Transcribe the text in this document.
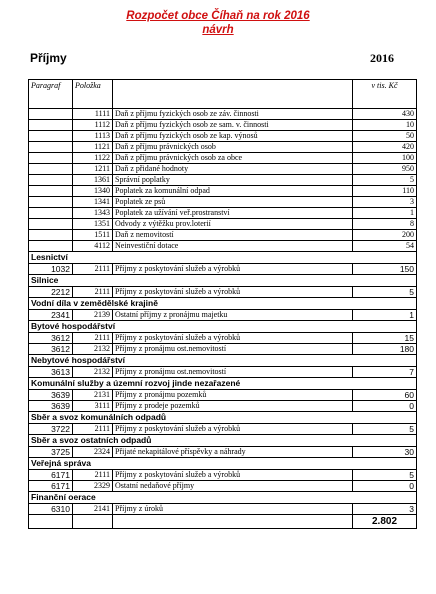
Rozpočet obce Číhaň na rok 2016
návrh
Příjmy	2016
Paragraf	Položka		v tis. Kč
	1111	Daň z příjmu fyzických osob ze záv. činnosti	430
	1112	Daň z příjmu fyzických osob ze sam. v. činnosti	10
	1113	Daň z příjmu fyzických osob ze kap. výnosů	50
	1121	Daň z příjmu právnických osob	420
	1122	Daň z příjmu právnických osob za obce	100
	1211	Daň z přidané hodnoty	950
	1361	Správní poplatky	5
	1340	Poplatek za komunální odpad	110
	1341	Poplatek ze psů	3
	1343	Poplatek za užívání veř.prostranství	1
	1351	Odvody z výtěžku prov.loterií	8
	1511	Daň z nemovitostí	200
	4112	Neinvestiční dotace	54
Lesnictví			
1032	2111	Příjmy z poskytování služeb a výrobků	150
Silnice			
2212	2111	Příjmy z poskytování služeb a výrobků	5
Vodní díla v zemědělské krajině			
2341	2139	Ostatní příjmy z pronájmu majetku	1
Bytové hospodářství			
3612	2111	Příjmy z poskytování služeb a výrobků	15
3612	2132	Příjmy z pronájmu ost.nemovitostí	180
Nebytové hospodářství			
3613	2132	Příjmy z pronájmu ost.nemovitostí	7
Komunální služby a územní rozvoj jinde nezařazené			
3639	2131	Příjmy z pronájmu pozemků	60
3639	3111	Příjmy z prodeje pozemků	0
Sběr a svoz komunálních odpadů			
3722	2111	Příjmy z poskytování služeb a výrobků	5
Sběr a svoz ostatních odpadů			
3725	2324	Přijaté nekapitálové příspěvky a náhrady	30
Veřejná správa			
6171	2111	Příjmy z poskytování služeb a výrobků	5
6171	2329	Ostatní nedaňové příjmy	0
Finanční oerace			
6310	2141	Příjmy z úroků	3
			2.802
